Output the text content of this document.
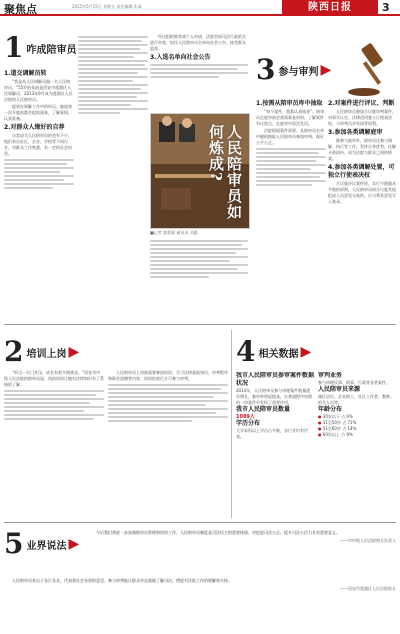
聚焦点	2015年5月15日 星期五 责任编辑:张淼	陕西日报	3
1 咋成陪审员
1.道交调解员转

“我是从人民调解员做一名人民陪审员。”55岁的张丽是西安市莲湖区人民调解员，2013年9月成为莲湖区人民法院的人民陪审员。

提到在调解工作中的经历，她说每一次开庭前都会提前阅卷，了解案情，认真准备。

2.对群众人缘好的自荐

自荐成为人民陪审员的也有不少。他们来自社区、企业、学校等不同行业，对群众工作熟悉，有一定的社会经验。

经过组织推荐或个人申请，法院会同司法行政机关进行审查，拟任人民陪审员名单向社会公告，接受群众监督。

3.入选名单向社会公告
人民陪审员如何炼成?
■记者 栗彩娟 通讯员 刘惠
3 参与审判 ▶
1.按需从陪审员库中抽取

“每个案件，我都认真阅卷”。陪审员在庭审前会查阅案卷材料，了解案件争议焦点，在庭审中依法发问。

法院根据案件需要，从陪审员名单中随机抽取人民陪审员参加审判，保证公平公正。

2.对案件进行评议、判断

人民陪审员参加合议庭审判案件，对事实认定、法律适用独立行使表决权，与审判员享有同等权利。

3.参加各类调解庭审

除参与庭审外，陪审员还参与调解、执行等工作，发挥自身优势，化解矛盾纠纷，成为法院与群众之间的桥梁。

4.参加各类调解处置，可独立行使表决权

合议庭评议案件时，实行少数服从多数的原则，人民陪审员同合议庭其他组成人员意见分歧的，应当将其意见写入笔录。

2 培训上岗 ▶

“听当一名门外汉，成长有很多路要走。”西安市中级人民法院的陪审员说，岗前培训让她对法律知识有了系统的了解。

人民陪审员上岗前需要参加培训，学习法律基础知识、审判程序和职业道德等内容，培训结束后方可参与审判。

4 相关数据 ▶
我市人民陪审员参审案件数据状况
2014年，人民陪审员参与审理案件数量逐年增长，参审率明显提高，在普通程序审理的一审案件中发挥了重要作用。
我市人民陪审员数量
1089人
学历分布
大学本科以上学历占多数，各行业均有代表。
审判业务
参与审理民事、刑事、行政等各类案件。
人民陪审员来源
城区居民、企业职工、社区工作者、教师、机关人员等。
年龄分布
● 30岁以下 占 6%
● 31至50岁 占 71%
● 51至60岁 占 14%
● 60岁以上 占 9%
5 业界说法 ▶

今后我们将进一步加强陪审员管理和培训工作，人民陪审员制度是司法民主的重要体现，对促进司法公正、提升司法公信力具有重要意义。

——市中级人民法院相关负责人

人民陪审员来自于各行各业，代表着社会各界的意见，参与审判能让群众更直观地了解司法，增进对法院工作的理解和支持。

——西安市莲湖区人民法院院长
